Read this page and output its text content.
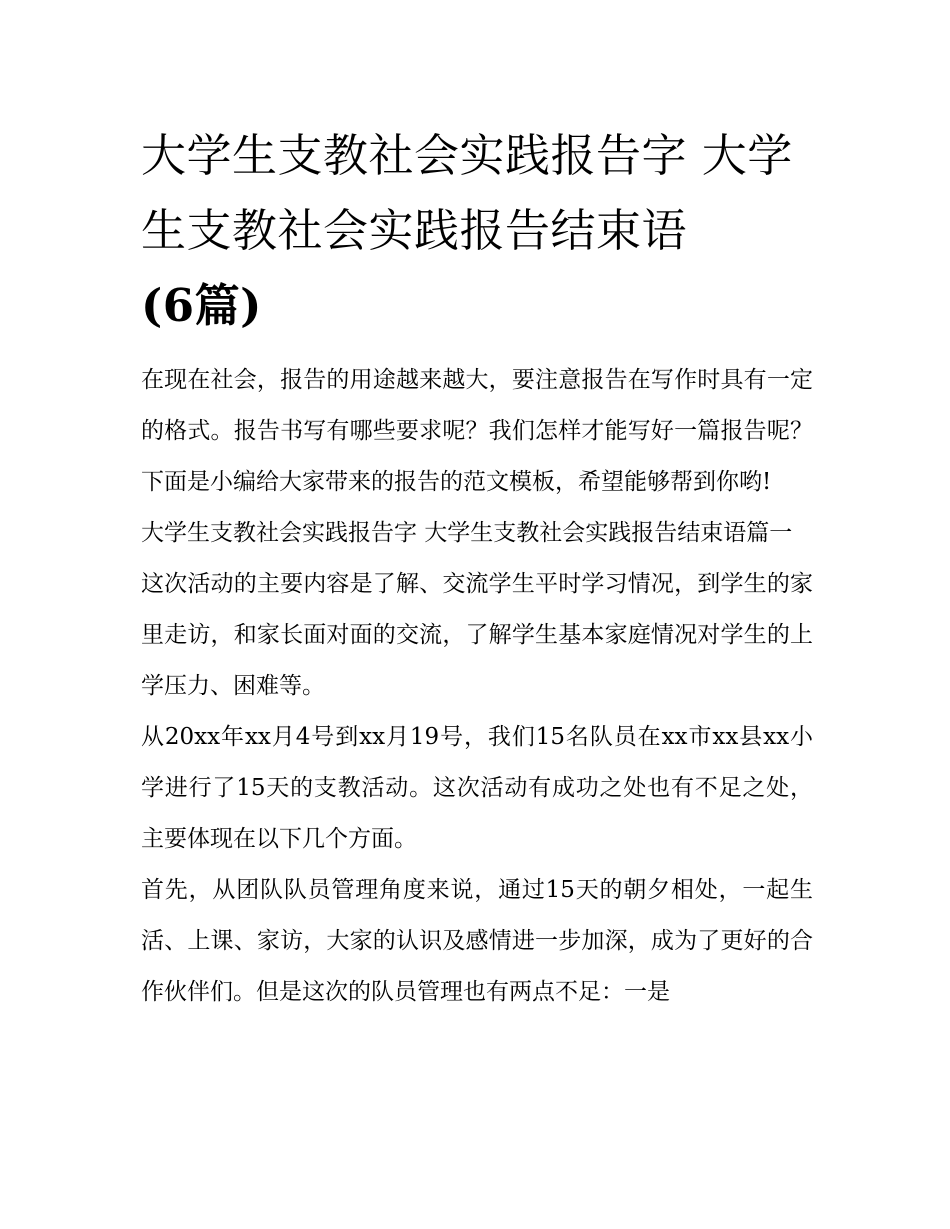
大学生支教社会实践报告字 大学生支教社会实践报告结束语
(6篇)

在现在社会，报告的用途越来越大，要注意报告在写作时具有一定的格式。报告书写有哪些要求呢？我们怎样才能写好一篇报告呢？下面是小编给大家带来的报告的范文模板，希望能够帮到你哟!

大学生支教社会实践报告字 大学生支教社会实践报告结束语篇一

这次活动的主要内容是了解、交流学生平时学习情况，到学生的家里走访，和家长面对面的交流，了解学生基本家庭情况对学生的上学压力、困难等。

从20xx年xx月4号到xx月19号，我们15名队员在xx市xx县xx小学进行了15天的支教活动。这次活动有成功之处也有不足之处，主要体现在以下几个方面。

首先，从团队队员管理角度来说，通过15天的朝夕相处，一起生活、上课、家访，大家的认识及感情进一步加深，成为了更好的合作伙伴们。但是这次的队员管理也有两点不足：一是
